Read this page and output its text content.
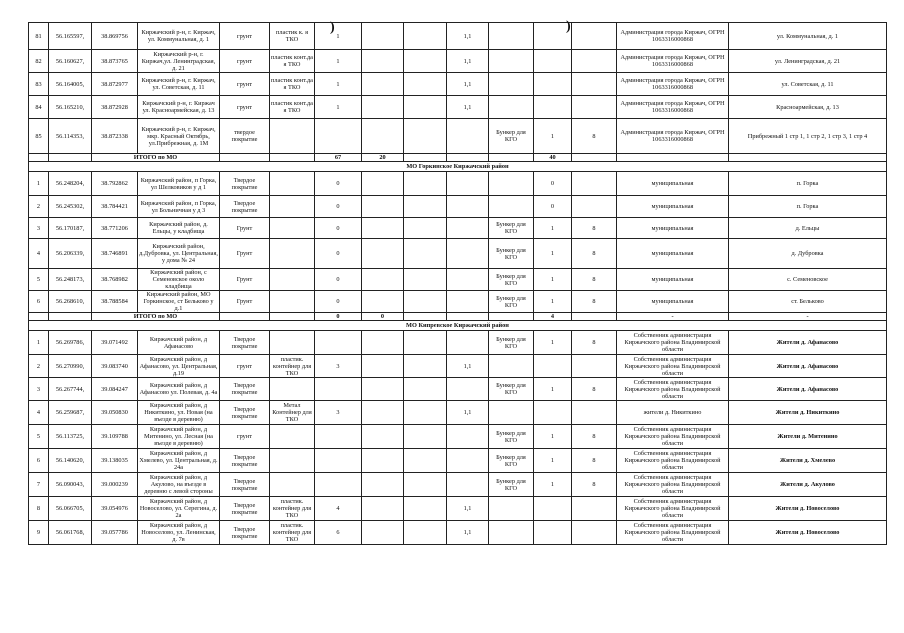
81	56.165597,	38.869756	Киржачский р-н, г. Киржач, ул. Коммунальная, д. 1	грунт	пластик к. я ТКО	1			1,1				Администрация города Киржач, ОГРН 1063316000868	ул. Коммунальная, д. 1
82	56.160627,	38.873765	Киржачский р-н, г. Киржач,ул. Ленинградская, д. 21	грунт	пластик конт.да я ТКО	1			1,1				Администрация города Киржач, ОГРН 1063316000868	ул. Ленинградская, д. 21
83	56.164005,	38.872977	Киржачский р-н, г. Киржач, ул. Советская, д. 11	грунт	пластик конт.да я ТКО	1			1,1				Администрация города Киржач, ОГРН 1063316000868	ул. Советская, д. 11
84	56.165210,	38.872928	Киржачский р-н, г. Киржач ул. Красноармейская, д. 13	грунт	пластик конт.да я ТКО	1			1,1				Администрация города Киржач, ОГРН 1063316000868	Красноармейская, д. 13
85	56.114353,	38.872338	Киржачский р-н, г. Киржач, мкр. Красный Октябрь, ул.Прибрежная, д. 1М	твердое покрытие						Бункер для КГО	1	8	Администрация города Киржач, ОГРН 1063316000868	Прибрежный 1 стр 1, 1 стр 2, 1 стр 3, 1 стр 4
		ИТОГО по МО				67	20				40			
МО Горкинское Киржачский район														
1	56.248204,	38.792862	Киржачский район, п Горка, ул Шелковиков у д 1	Твердое покрытие		0					0		муниципальная	п. Горка
2	56.245302,	38.784421	Киржачский район, п Горка, ул Больничная у д 3	Твердое покрытие		0					0		муниципальная	п. Горка
3	56.170187,	38.771206	Киржачский район, д. Ельцы, у кладбища	Грунт		0				Бункер для КГО	1	8	муниципальная	д. Ельцы
4	56.206339,	38.746891	Киржачский район, д.Дубровка, ул. Центральная, у дома № 24	Грунт		0				Бункер для КГО	1	8	муниципальная	д. Дубровка
5	56.248173,	38.768982	Киржачский район, с Семеновское около кладбища	Грунт		0				Бункер для КГО	1	8	муниципальная	с. Семеновское
6	56.268610,	38.788584	Киржачский район, МО Горкинское, ст Бельково у д.1	Грунт		0				Бункер для КГО	1	8	муниципальная	ст. Бельково
		ИТОГО по МО				0	0				4		-	-
МО Кипревское Киржачский район														
1	56.269786,	39.071492	Киржачский район, д Афанасово	Твердое покрытие						Бункер для КГО	1	8	Собственник администрация Киржачского района Владимирской области	Жители д. Афанасово
2	56.270990,	39.083740	Киржачский район, д Афанасово, ул. Центральная, д.19	грунт	пластик. контейнер для ТКО	3			1,1				Собственник администрация Киржачского района Владимирской области	Жители д. Афанасово
3	56.267744,	39.084247	Киржачский район, д Афанасово ул. Полевая, д. 4а	Твердое покрытие						Бункер для КГО	1	8	Собственник администрация Киржачского района Владимирской области	Жители д. Афанасово
4	56.259687,	39.050830	Киржачский район, д Никиткино, ул. Новая (на въезде в деревню)	Твердое покрытие	Метал Контейнер для ТКО	3			1,1				жители д. Никиткино	Жители д. Никиткино
5	56.113725,	39.109788	Киржачский район, д Митенино, ул. Лесная (на въезде в деревню)	грунт						Бункер для КГО	1	8	Собственник администрация Киржачского района Владимирской области	Жители д. Митенино
6	56.140620,	39.138035	Киржачский район, д Хмелево, ул. Центральная, д. 24а	Твердое покрытие						Бункер для КГО	1	8	Собственник администрация Киржачского района Владимирской области	Жители д. Хмелево
7	56.090043,	39.000239	Киржачский район, д Акулово, на въезде в деревню с левой стороны	Твердое покрытие						Бункер для КГО	1	8	Собственник администрация Киржачского района Владимирской области	Жители д. Акулово
8	56.066705,	39.054976	Киржачский район, д Новоселово, ул. Серегина, д. 2а	Твердое покрытие	пластик. контейнер для ТКО	4			1,1				Собственник администрация Киржачского района Владимирской области	Жители д. Новоселово
9	56.061768,	39.057786	Киржачский район, д Новоселово, ул. Ленинская, д. 7в	Твердое покрытие	пластик. контейнер для ТКО	6			1,1				Собственник администрация Киржачского района Владимирской области	Жители д. Новоселово
)	)
